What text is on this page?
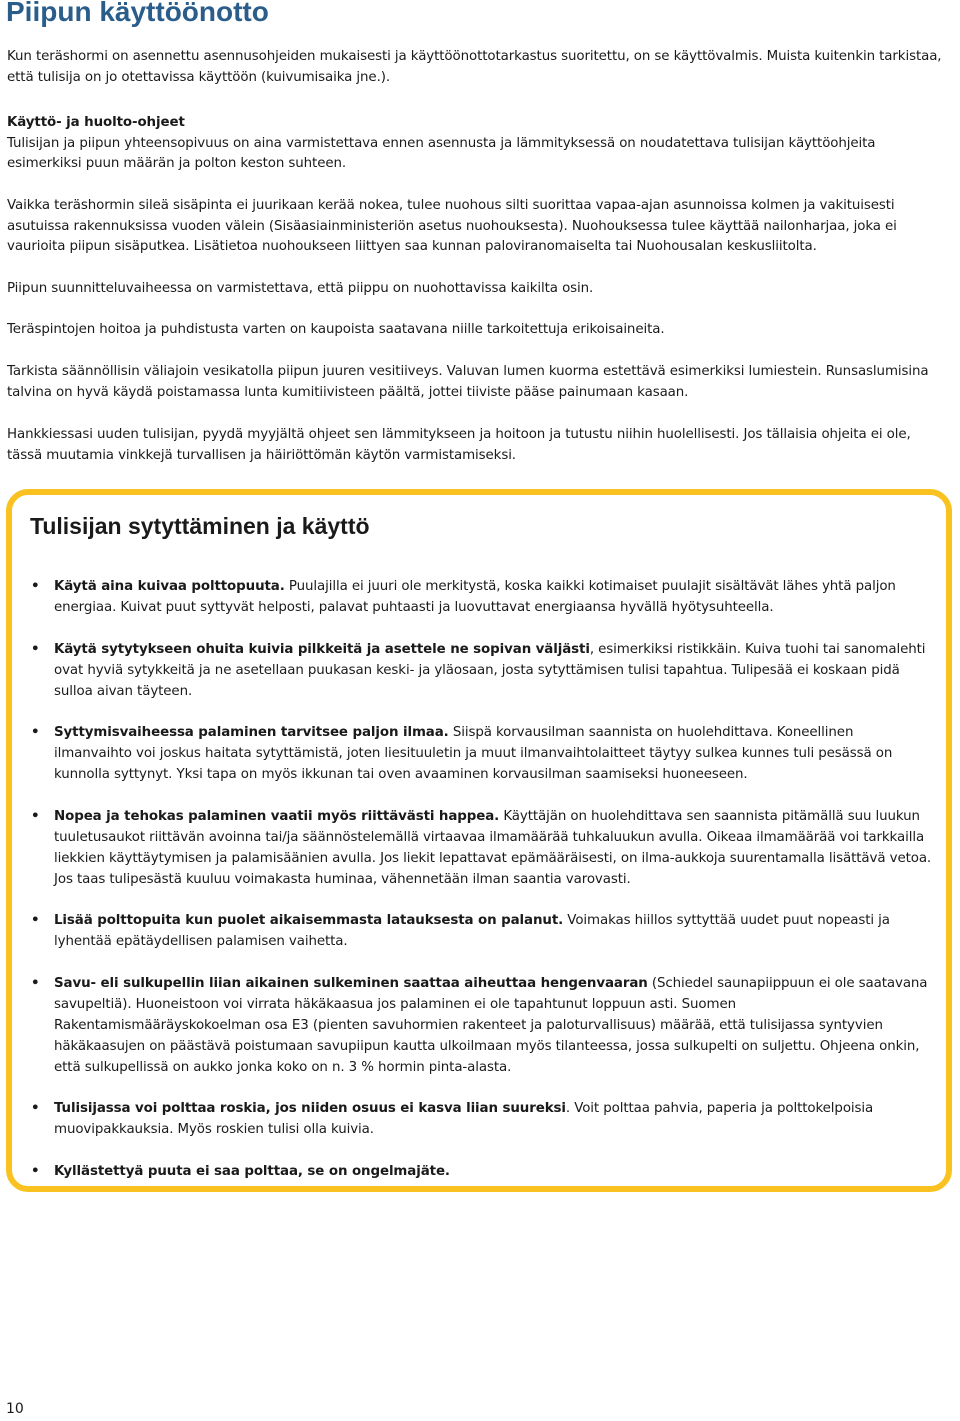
Piipun käyttöönotto

Kun teräshormi on asennettu asennusohjeiden mukaisesti ja käyttöönottotarkastus suoritettu, on se käyttövalmis. Muista kuitenkin tarkistaa, että tulisija on jo otettavissa käyttöön (kuivumisaika jne.).

Käyttö- ja huolto-ohjeet
Tulisijan ja piipun yhteensopivuus on aina varmistettava ennen asennusta ja lämmityksessä on noudatettava tulisijan käyttöohjeita esimerkiksi puun määrän ja polton keston suhteen.

Vaikka teräshormin sileä sisäpinta ei juurikaan kerää nokea, tulee nuohous silti suorittaa vapaa-ajan asunnoissa kolmen ja vakituisesti asutuissa rakennuksissa vuoden välein (Sisäasiainministeriön asetus nuohouksesta). Nuohouksessa tulee käyttää nailonharjaa, joka ei vaurioita piipun sisäputkea. Lisätietoa nuohoukseen liittyen saa kunnan paloviranomaiselta tai Nuohousalan keskusliitolta.

Piipun suunnitteluvaiheessa on varmistettava, että piippu on nuohottavissa kaikilta osin.

Teräspintojen hoitoa ja puhdistusta varten on kaupoista saatavana niille tarkoitettuja erikoisaineita.

Tarkista säännöllisin väliajoin vesikatolla piipun juuren vesitiiveys. Valuvan lumen kuorma estettävä esimerkiksi lumiestein. Runsaslumisina talvina on hyvä käydä poistamassa lunta kumitiivisteen päältä, jottei tiiviste pääse painumaan kasaan.

Hankkiessasi uuden tulisijan, pyydä myyjältä ohjeet sen lämmitykseen ja hoitoon ja tutustu niihin huolellisesti. Jos tällaisia ohjeita ei ole, tässä muutamia vinkkejä turvallisen ja häiriöttömän käytön varmistamiseksi.

Tulisijan sytyttäminen ja käyttö
• Käytä aina kuivaa polttopuuta. Puulajilla ei juuri ole merkitystä, koska kaikki kotimaiset puulajit sisältävät lähes yhtä paljon energiaa. Kuivat puut syttyvät helposti, palavat puhtaasti ja luovuttavat energiaansa hyvällä hyötysuhteella.
• Käytä sytytykseen ohuita kuivia pilkkeitä ja asettele ne sopivan väljästi, esimerkiksi ristikkäin. Kuiva tuohi tai sanomalehti ovat hyviä sytykkeitä ja ne asetellaan puukasan keski- ja yläosaan, josta sytyttämisen tulisi tapahtua. Tulipesää ei koskaan pidä sulloa aivan täyteen.
• Syttymisvaiheessa palaminen tarvitsee paljon ilmaa. Siispä korvausilman saannista on huolehdittava. Koneellinen ilmanvaihto voi joskus haitata sytyttämistä, joten liesituuletin ja muut ilmanvaihtolaitteet täytyy sulkea kunnes tuli pesässä on kunnolla syttynyt. Yksi tapa on myös ikkunan tai oven avaaminen korvausilman saamiseksi huoneeseen.
• Nopea ja tehokas palaminen vaatii myös riittävästi happea. Käyttäjän on huolehdittava sen saannista pitämällä suu luukun tuuletusaukot riittävän avoinna tai/ja säännöstelemällä virtaavaa ilmamäärää tuhkaluukun avulla. Oikeaa ilmamäärää voi tarkkailla liekkien käyttäytymisen ja palamisäänien avulla. Jos liekit lepattavat epämääräisesti, on ilma-aukkoja suurentamalla lisättävä vetoa. Jos taas tulipesästä kuuluu voimakasta huminaa, vähennetään ilman saantia varovasti.
• Lisää polttopuita kun puolet aikaisemmasta latauksesta on palanut. Voimakas hiillos syttyttää uudet puut nopeasti ja lyhentää epätäydellisen palamisen vaihetta.
• Savu- eli sulkupellin liian aikainen sulkeminen saattaa aiheuttaa hengenvaaran (Schiedel saunapiippuun ei ole saatavana savupeltiä). Huoneistoon voi virrata häkäkaasua jos palaminen ei ole tapahtunut loppuun asti. Suomen Rakentamismääräyskokoelman osa E3 (pienten savuhormien rakenteet ja paloturvallisuus) määrää, että tulisijassa syntyvien häkäkaasujen on päästävä poistumaan savupiipun kautta ulkoilmaan myös tilanteessa, jossa sulkupelti on suljettu. Ohjeena onkin, että sulkupellissä on aukko jonka koko on n. 3 % hormin pinta-alasta.
• Tulisijassa voi polttaa roskia, jos niiden osuus ei kasva liian suureksi. Voit polttaa pahvia, paperia ja polttokelpoisia muovipakkauksia. Myös roskien tulisi olla kuivia.
• Kyllästettyä puuta ei saa polttaa, se on ongelmajäte.
10
